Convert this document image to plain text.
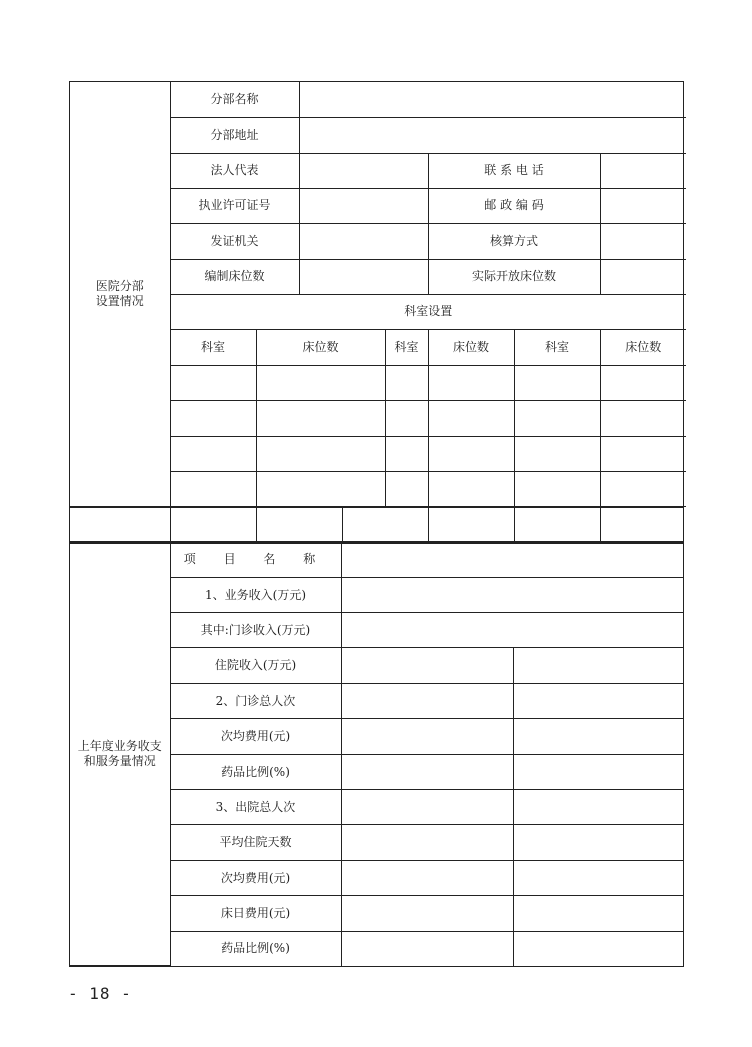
医院分部
设置情况	分部名称						
	分部地址						
	法人代表				联 系 电 话		
	执业许可证号				邮 政 编 码		
	发证机关				核算方式		
	编制床位数				实际开放床位数		
	科室设置						
	科室	床位数		科室	床位数	科室	床位数

上年度业务收支
和服务量情况	项 目 名 称		
	1、业务收入(万元)		
	其中:门诊收入(万元)		
	住院收入(万元)		
	2、门诊总人次		
	次均费用(元)		
	药品比例(%)		
	3、出院总人次		
	平均住院天数		
	次均费用(元)		
	床日费用(元)		
	药品比例(%)		
- 18 -
